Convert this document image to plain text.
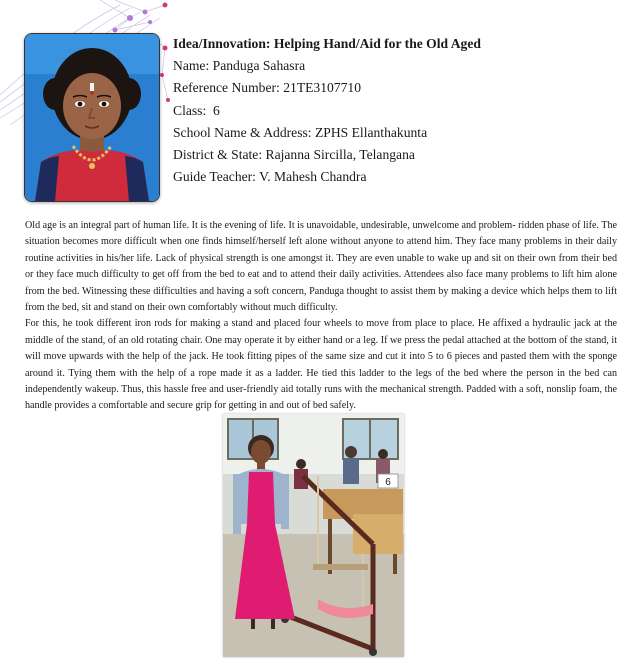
Idea/Innovation: Helping Hand/Aid for the Old Aged
Name: Panduga Sahasra
Reference Number: 21TE3107710
Class: 6
School Name & Address: ZPHS Ellanthakunta
District & State: Rajanna Sircilla, Telangana
Guide Teacher: V. Mahesh Chandra

Old age is an integral part of human life. It is the evening of life. It is unavoidable, undesirable, unwelcome and problem- ridden phase of life. The situation becomes more difficult when one finds himself/herself left alone without anyone to attend him. They face many problems in their daily routine activities in his/her life. Lack of physical strength is one amongst it. They are even unable to wake up and sit on their own from their bed or they face much difficulty to get off from the bed to eat and to attend their daily activities. Attendees also face many problems to lift him alone from the bed. Witnessing these difficulties and having a soft concern, Panduga thought to assist them by making a device which helps them to lift from the bed, sit and stand on their own comfortably without much difficulty.

For this, he took different iron rods for making a stand and placed four wheels to move from place to place. He affixed a hydraulic jack at the middle of the stand, of an old rotating chair. One may operate it by either hand or a leg. If we press the pedal attached at the bottom of the stand, it will move upwards with the help of the jack. He took fitting pipes of the same size and cut it into 5 to 6 pieces and pasted them with the sponge around it. Tying them with the help of a rope made it as a ladder. He tied this ladder to the legs of the bed where the person in the bed can independently wakeup. Thus, this hassle free and user-friendly aid totally runs with the mechanical strength. Padded with a soft, nonslip foam, the handle provides a comfortable and secure grip for getting in and out of bed safely.

6
